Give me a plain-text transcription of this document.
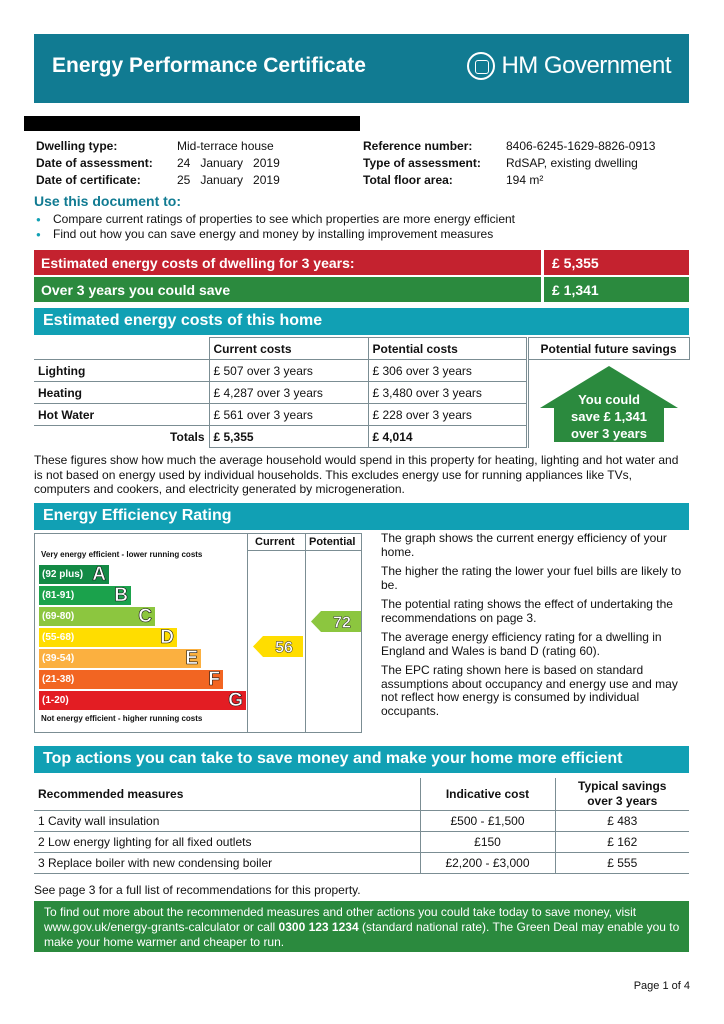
Energy Performance Certificate	HM Government
Dwelling type:	Mid-terrace house
Date of assessment: 24   January   2019
Date of certificate:	25   January   2019
Reference number:	8406-6245-1629-8826-0913
Type of assessment: RdSAP, existing dwelling
Total floor area:	194 m²
Use this document to:
● Compare current ratings of properties to see which properties are more energy efficient
● Find out how you can save energy and money by installing improvement measures
Estimated energy costs of dwelling for 3 years:	£ 5,355
Over 3 years you could save	£ 1,341
Estimated energy costs of this home
	Current costs	Potential costs	Potential future savings
Lighting	£ 507 over 3 years	£ 306 over 3 years	
Heating	£ 4,287 over 3 years	£ 3,480 over 3 years	
Hot Water	£ 561 over 3 years	£ 228 over 3 years	
Totals	£ 5,355	£ 4,014	
You could
save £ 1,341
over 3 years
These figures show how much the average household would spend in this property for heating, lighting and hot water and is not based on energy used by individual households. This excludes energy use for running appliances like TVs, computers and cookers, and electricity generated by microgeneration.
Energy Efficiency Rating
Very energy efficient - lower running costs
(92 plus) A
(81-91) B
(69-80)	C
(55-68)	D
(39-54)	E
(21-38)	F
(1-20)	G
Not energy efficient - higher running costs
Current Potential
56
72

The graph shows the current energy efficiency of your home.

The higher the rating the lower your fuel bills are likely to be.

The potential rating shows the effect of undertaking the recommendations on page 3.

The average energy efficiency rating for a dwelling in England and Wales is band D (rating 60).

The EPC rating shown here is based on standard assumptions about occupancy and energy use and may not reflect how energy is consumed by individual occupants.

Top actions you can take to save money and make your home more efficient
Recommended measures	Indicative cost	Typical savings
over 3 years
1 Cavity wall insulation	£500 - £1,500	£ 483
2 Low energy lighting for all fixed outlets	£150	£ 162
3 Replace boiler with new condensing boiler	£2,200 - £3,000	£ 555
See page 3 for a full list of recommendations for this property.
To find out more about the recommended measures and other actions you could take today to save money, visit www.gov.uk/energy-grants-calculator or call 0300 123 1234 (standard national rate). The Green Deal may enable you to make your home warmer and cheaper to run.
Page 1 of 4
